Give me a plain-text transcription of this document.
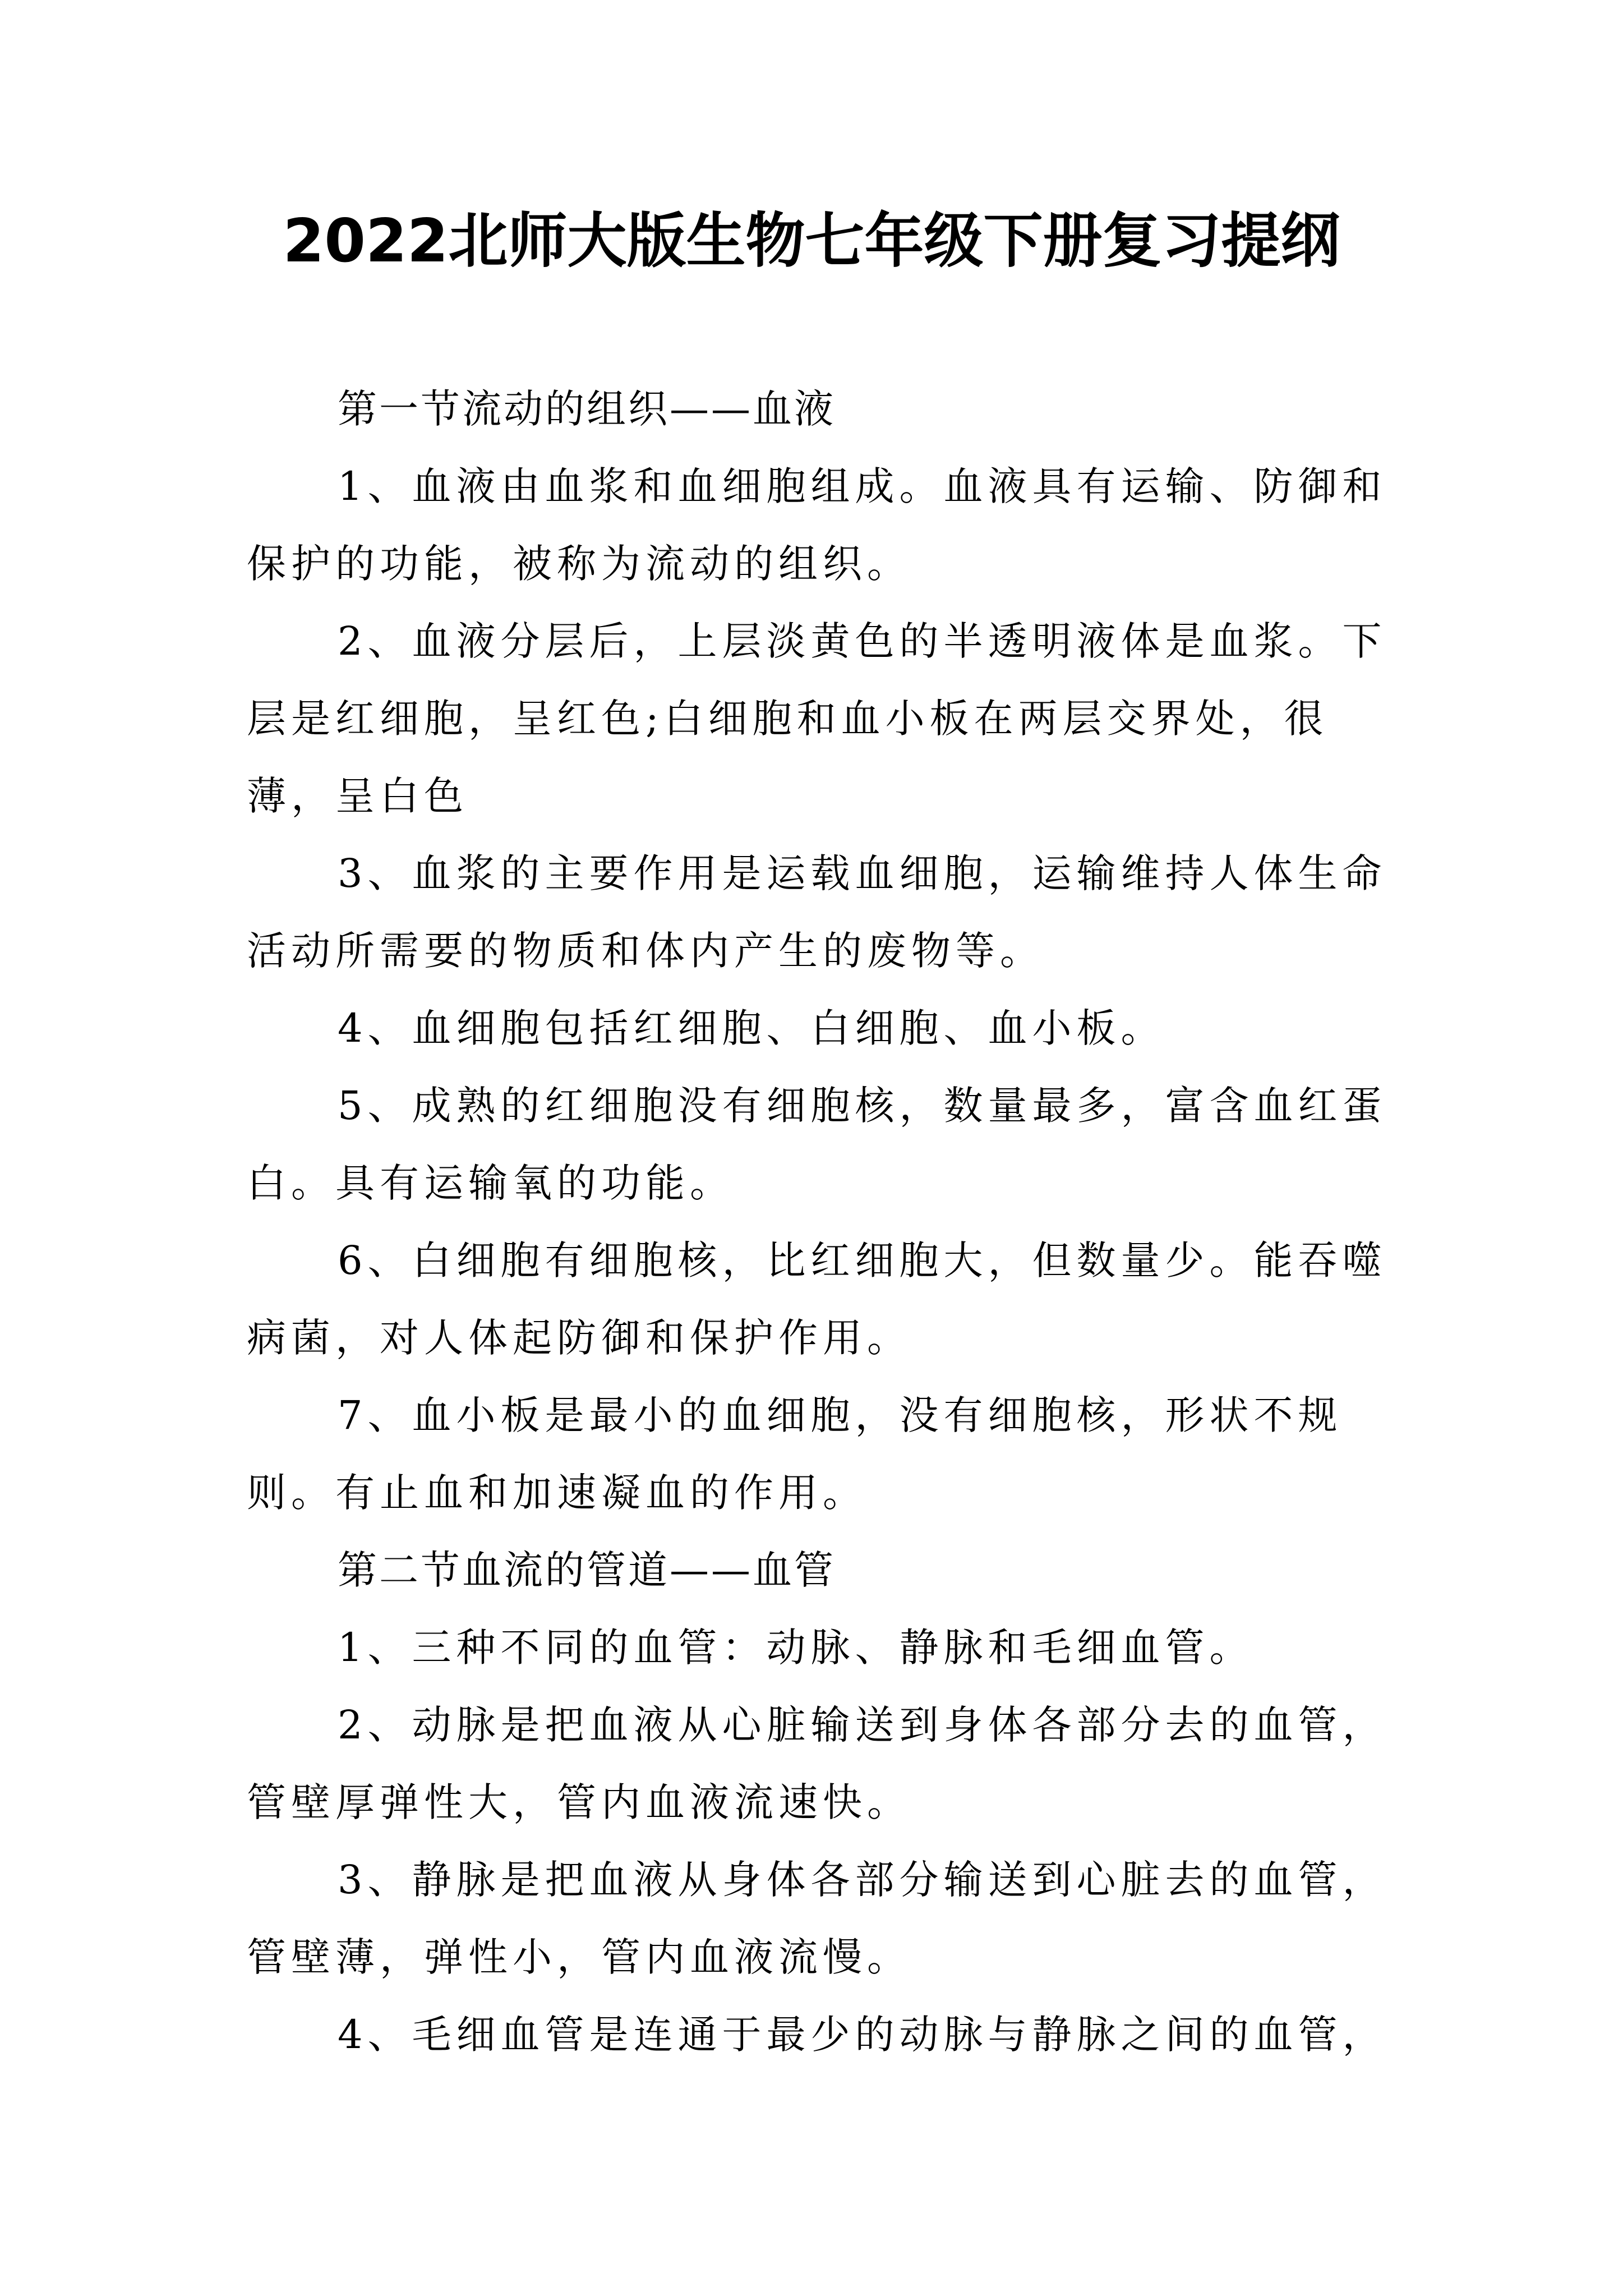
2022北师大版生物七年级下册复习提纲

第一节流动的组织——血液

1、血液由血浆和血细胞组成。血液具有运输、防御和保护的功能，被称为流动的组织。

2、血液分层后，上层淡黄色的半透明液体是血浆。下层是红细胞，呈红色;白细胞和血小板在两层交界处，很薄，呈白色

3、血浆的主要作用是运载血细胞，运输维持人体生命活动所需要的物质和体内产生的废物等。

4、血细胞包括红细胞、白细胞、血小板。

5、成熟的红细胞没有细胞核，数量最多，富含血红蛋白。具有运输氧的功能。

6、白细胞有细胞核，比红细胞大，但数量少。能吞噬病菌，对人体起防御和保护作用。

7、血小板是最小的血细胞，没有细胞核，形状不规则。有止血和加速凝血的作用。

第二节血流的管道——血管

1、三种不同的血管：动脉、静脉和毛细血管。

2、动脉是把血液从心脏输送到身体各部分去的血管，管壁厚弹性大，管内血液流速快。

3、静脉是把血液从身体各部分输送到心脏去的血管，管壁薄，弹性小，管内血液流慢。

4、毛细血管是连通于最少的动脉与静脉之间的血管，
